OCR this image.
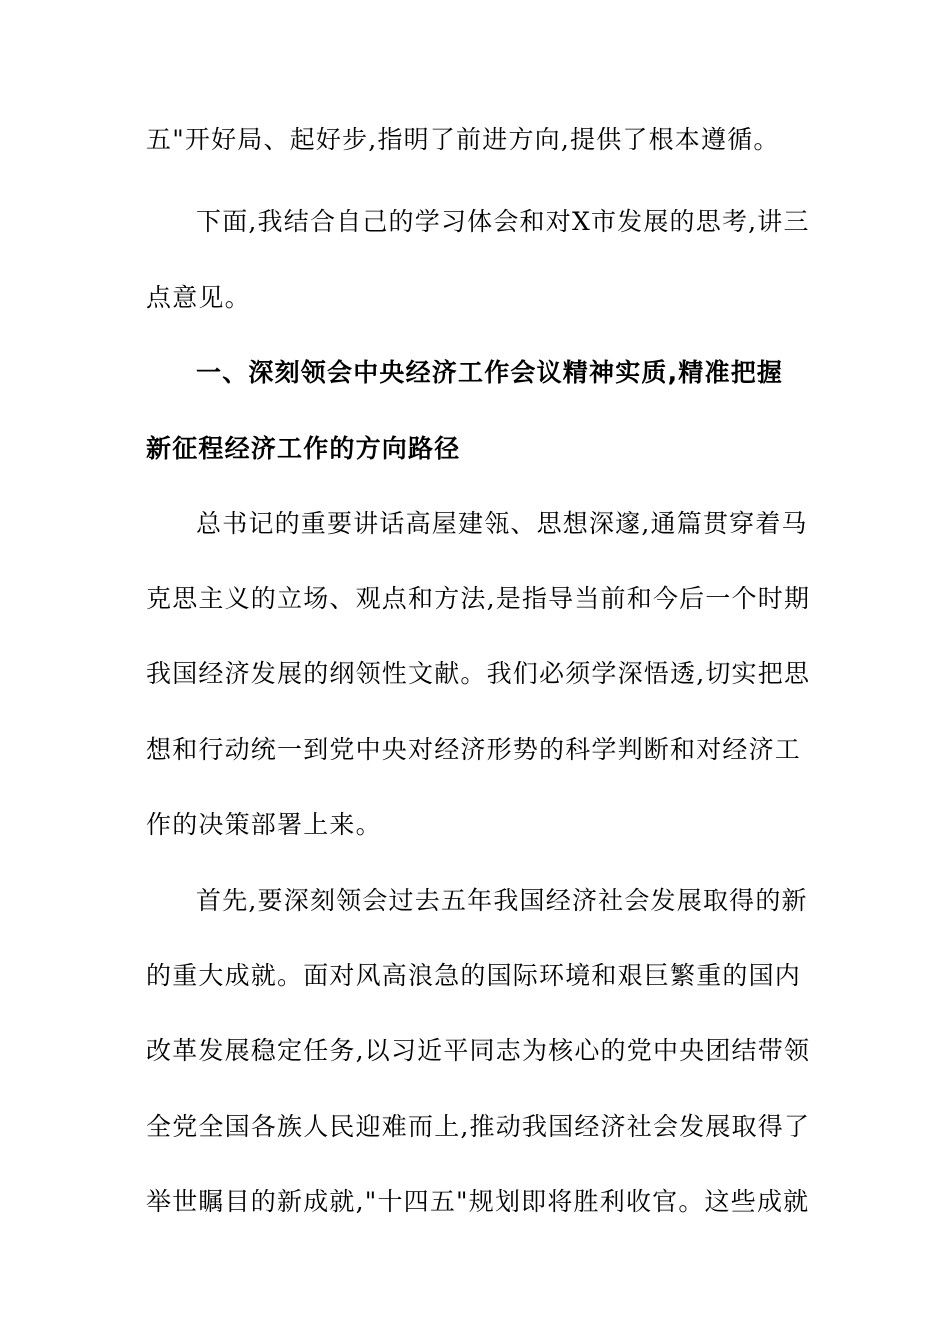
五"开好局、起好步,指明了前进方向,提供了根本遵循。
下面,我结合自己的学习体会和对X市发展的思考,讲三
点意见。
一、深刻领会中央经济工作会议精神实质,精准把握
新征程经济工作的方向路径
总书记的重要讲话高屋建瓴、思想深邃,通篇贯穿着马
克思主义的立场、观点和方法,是指导当前和今后一个时期
我国经济发展的纲领性文献。我们必须学深悟透,切实把思
想和行动统一到党中央对经济形势的科学判断和对经济工
作的决策部署上来。
首先,要深刻领会过去五年我国经济社会发展取得的新
的重大成就。面对风高浪急的国际环境和艰巨繁重的国内
改革发展稳定任务,以习近平同志为核心的党中央团结带领
全党全国各族人民迎难而上,推动我国经济社会发展取得了
举世瞩目的新成就,"十四五"规划即将胜利收官。这些成就
